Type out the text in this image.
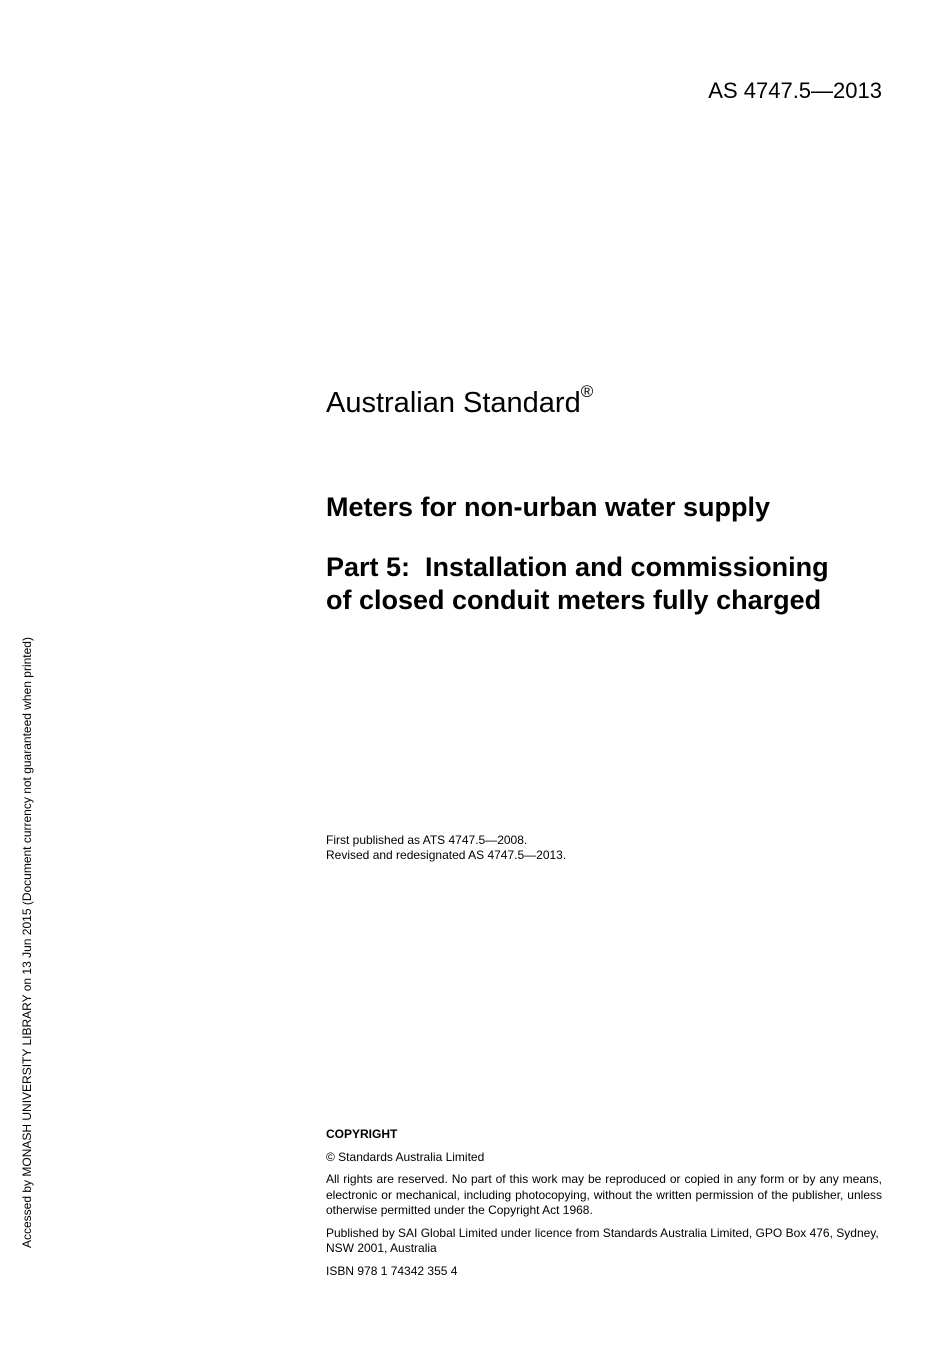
AS 4747.5—2013
Accessed by MONASH UNIVERSITY LIBRARY on 13 Jun 2015 (Document currency not guaranteed when printed)
Australian Standard®
Meters for non-urban water supply
Part 5:  Installation and commissioning
of closed conduit meters fully charged
First published as ATS 4747.5—2008.
Revised and redesignated AS 4747.5—2013.

COPYRIGHT

© Standards Australia Limited

All rights are reserved. No part of this work may be reproduced or copied in any form or by any means, electronic or mechanical, including photocopying, without the written permission of the publisher, unless otherwise permitted under the Copyright Act 1968.

Published by SAI Global Limited under licence from Standards Australia Limited, GPO Box 476, Sydney, NSW 2001, Australia

ISBN 978 1 74342 355 4
